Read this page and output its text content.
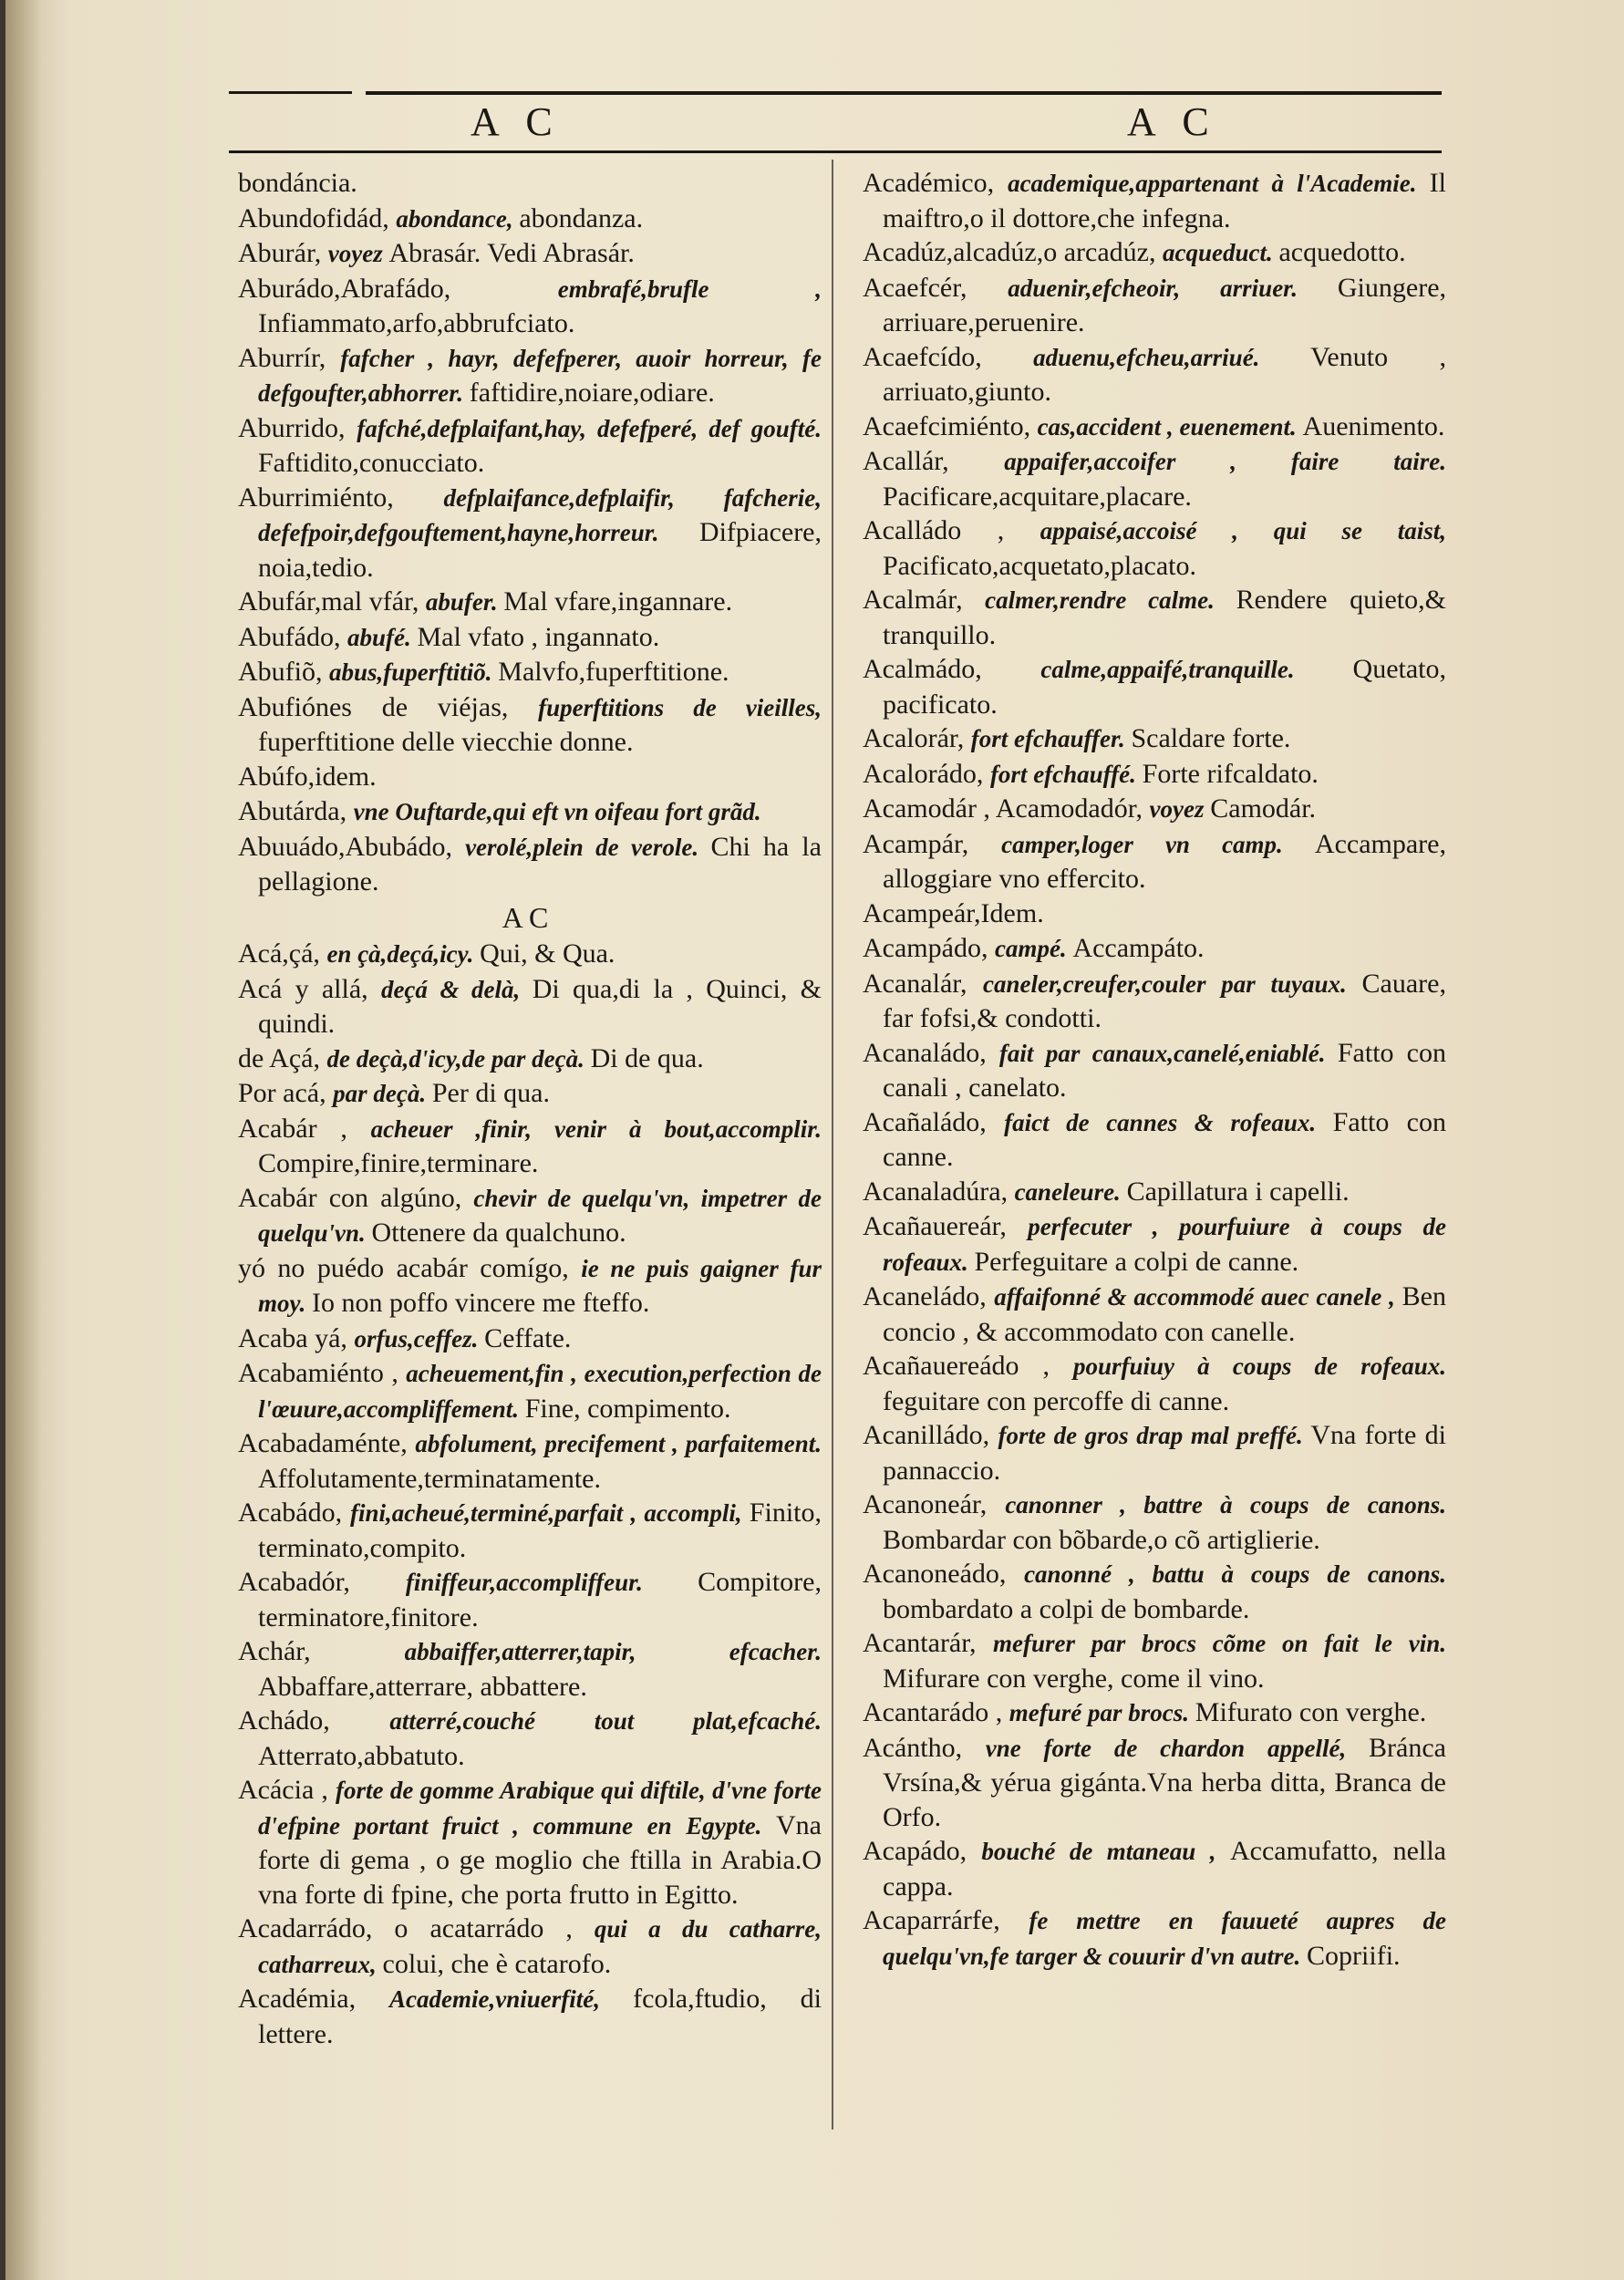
A C	A C

bondáncia.

Abundofidád, abondance, abondanza.

Aburár, voyez Abrasár. Vedi Abrasár.

Aburádo,Abrafádo, embrafé,brufle , Infiammato,arfo,abbrufciato.

Aburrír, fafcher , hayr, defefperer, auoir horreur, fe defgoufter,abhorrer. faftidire,noiare,odiare.

Aburrido, fafché,defplaifant,hay, defefperé, def goufté. Faftidito,conucciato.

Aburrimiénto, defplaifance,defplaifir, fafcherie, defefpoir,defgouftement,hayne,horreur. Difpiacere, noia,tedio.

Abufár,mal vfár, abufer. Mal vfare,ingannare.

Abufádo, abufé. Mal vfato , ingannato.

Abufiõ, abus,fuperftitiõ. Malvfo,fuperftitione.

Abufiónes de viéjas, fuperftitions de vieilles, fuperftitione delle viecchie donne.

Abúfo,idem.

Abutárda, vne Ouftarde,qui eft vn oifeau fort grãd.

Abuuádo,Abubádo, verolé,plein de verole. Chi ha la pellagione.

A C

Acá,çá, en çà,deçá,icy. Qui, & Qua.

Acá y allá, deçá & delà, Di qua,di la , Quinci, & quindi.

de Açá, de deçà,d'icy,de par deçà. Di de qua.

Por acá, par deçà. Per di qua.

Acabár , acheuer ,finir, venir à bout,accomplir. Compire,finire,terminare.

Acabár con algúno, chevir de quelqu'vn, impetrer de quelqu'vn. Ottenere da qualchuno.

yó no puédo acabár comígo, ie ne puis gaigner fur moy. Io non poffo vincere me fteffo.

Acaba yá, orfus,ceffez. Ceffate.

Acabamiénto , acheuement,fin , execution,perfection de l'œuure,accompliffement. Fine, compimento.

Acabadaménte, abfolument, precifement , parfaitement. Affolutamente,terminatamente.

Acabádo, fini,acheué,terminé,parfait , accompli, Finito, terminato,compito.

Acabadór, finiffeur,accompliffeur. Compitore, terminatore,finitore.

Achár, abbaiffer,atterrer,tapir, efcacher. Abbaffare,atterrare, abbattere.

Achádo, atterré,couché tout plat,efcaché. Atterrato,abbatuto.

Acácia , forte de gomme Arabique qui diftile, d'vne forte d'efpine portant fruict , commune en Egypte. Vna forte di gema , o ge moglio che ftilla in Arabia.O vna forte di fpine, che porta frutto in Egitto.

Acadarrádo, o acatarrádo , qui a du catharre, catharreux, colui, che è catarofo.

Académia, Academie,vniuerfité, fcola,ftudio, di lettere.

Académico, academique,appartenant à l'Academie. Il maiftro,o il dottore,che infegna.

Acadúz,alcadúz,o arcadúz, acqueduct. acquedotto.

Acaefcér, aduenir,efcheoir, arriuer. Giungere, arriuare,peruenire.

Acaefcído, aduenu,efcheu,arriué. Venuto , arriuato,giunto.

Acaefcimiénto, cas,accident , euenement. Auenimento.

Acallár, appaifer,accoifer , faire taire. Pacificare,acquitare,placare.

Acalládo , appaisé,accoisé , qui se taist, Pacificato,acquetato,placato.

Acalmár, calmer,rendre calme. Rendere quieto,& tranquillo.

Acalmádo, calme,appaifé,tranquille. Quetato, pacificato.

Acalorár, fort efchauffer. Scaldare forte.

Acalorádo, fort efchauffé. Forte rifcaldato.

Acamodár , Acamodadór, voyez Camodár.

Acampár, camper,loger vn camp. Accampare, alloggiare vno effercito.

Acampeár,Idem.

Acampádo, campé. Accampáto.

Acanalár, caneler,creufer,couler par tuyaux. Cauare, far fofsi,& condotti.

Acanaládo, fait par canaux,canelé,eniablé. Fatto con canali , canelato.

Acañaládo, faict de cannes & rofeaux. Fatto con canne.

Acanaladúra, caneleure. Capillatura i capelli.

Acañauereár, perfecuter , pourfuiure à coups de rofeaux. Perfeguitare a colpi de canne.

Acaneládo, affaifonné & accommodé auec canele , Ben concio , & accommodato con canelle.

Acañauereádo , pourfuiuy à coups de rofeaux. feguitare con percoffe di canne.

Acanilládo, forte de gros drap mal preffé. Vna forte di pannaccio.

Acanoneár, canonner , battre à coups de canons. Bombardar con bõbarde,o cõ artiglierie.

Acanoneádo, canonné , battu à coups de canons. bombardato a colpi de bombarde.

Acantarár, mefurer par brocs cõme on fait le vin. Mifurare con verghe, come il vino.

Acantarádo , mefuré par brocs. Mifurato con verghe.

Acántho, vne forte de chardon appellé, Bránca Vrsína,& yérua gigánta.Vna herba ditta, Branca de Orfo.

Acapádo, bouché de mtaneau , Accamufatto, nella cappa.

Acaparrárfe, fe mettre en fauueté aupres de quelqu'vn,fe targer & couurir d'vn autre. Copriifi.
